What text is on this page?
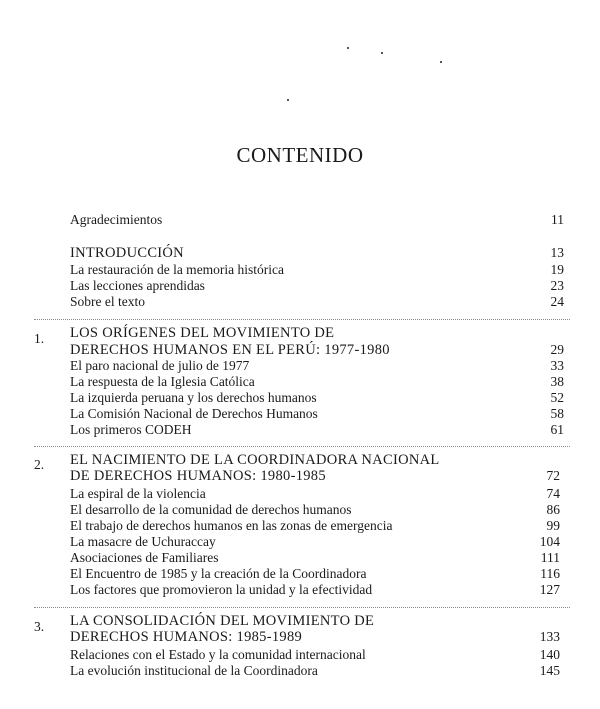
CONTENIDO
Agradecimientos	11
INTRODUCCIÓN	13
La restauración de la memoria histórica	19
Las lecciones aprendidas	23
Sobre el texto	24
1. LOS ORÍGENES DEL MOVIMIENTO DE
DERECHOS HUMANOS EN EL PERÚ: 1977-1980	29
El paro nacional de julio de 1977	33
La respuesta de la Iglesia Católica	38
La izquierda peruana y los derechos humanos	52
La Comisión Nacional de Derechos Humanos	58
Los primeros CODEH	61
2. EL NACIMIENTO DE LA COORDINADORA NACIONAL
DE DERECHOS HUMANOS: 1980-1985	72
La espiral de la violencia	74
El desarrollo de la comunidad de derechos humanos	86
El trabajo de derechos humanos en las zonas de emergencia	99
La masacre de Uchuraccay	104
Asociaciones de Familiares	111
El Encuentro de 1985 y la creación de la Coordinadora	116
Los factores que promovieron la unidad y la efectividad	127
3. LA CONSOLIDACIÓN DEL MOVIMIENTO DE
DERECHOS HUMANOS: 1985-1989	133
Relaciones con el Estado y la comunidad internacional	140
La evolución institucional de la Coordinadora	145
